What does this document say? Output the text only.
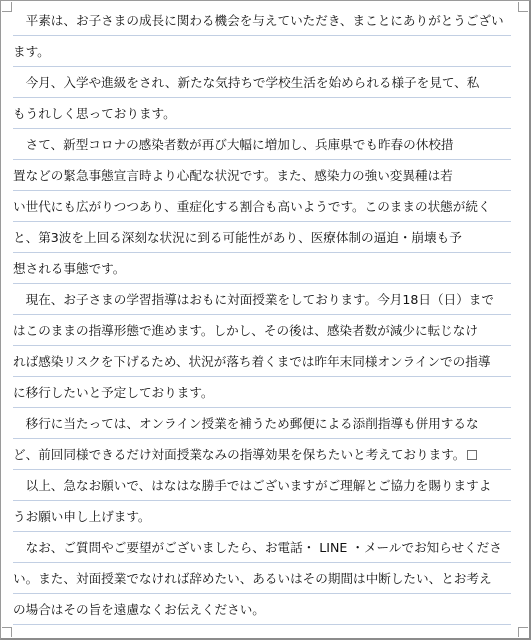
平素は、お子さまの成長に関わる機会を与えていただき、まことにありがとうござい
ます。
今月、入学や進級をされ、新たな気持ちで学校生活を始められる様子を見て、私
もうれしく思っております。
さて、新型コロナの感染者数が再び大幅に増加し、兵庫県でも昨春の休校措
置などの緊急事態宣言時より心配な状況です。また、感染力の強い変異種は若
い世代にも広がりつつあり、重症化する割合も高いようです。このままの状態が続く
と、第3波を上回る深刻な状況に到る可能性があり、医療体制の逼迫・崩壊も予
想される事態です。
現在、お子さまの学習指導はおもに対面授業をしております。今月18日（日）まで
はこのままの指導形態で進めます。しかし、その後は、感染者数が減少に転じなけ
れば感染リスクを下げるため、状況が落ち着くまでは昨年末同様オンラインでの指導
に移行したいと予定しております。
移行に当たっては、オンライン授業を補うため郵便による添削指導も併用するな
ど、前回同様できるだけ対面授業なみの指導効果を保ちたいと考えております。
以上、急なお願いで、はなはな勝手ではございますがご理解とご協力を賜りますよ
うお願い申し上げます。
なお、ご質問やご要望がございましたら、お電話・ LINE ・メールでお知らせくださ
い。また、対面授業でなければ辞めたい、あるいはその期間は中断したい、とお考え
の場合はその旨を遠慮なくお伝えください。
